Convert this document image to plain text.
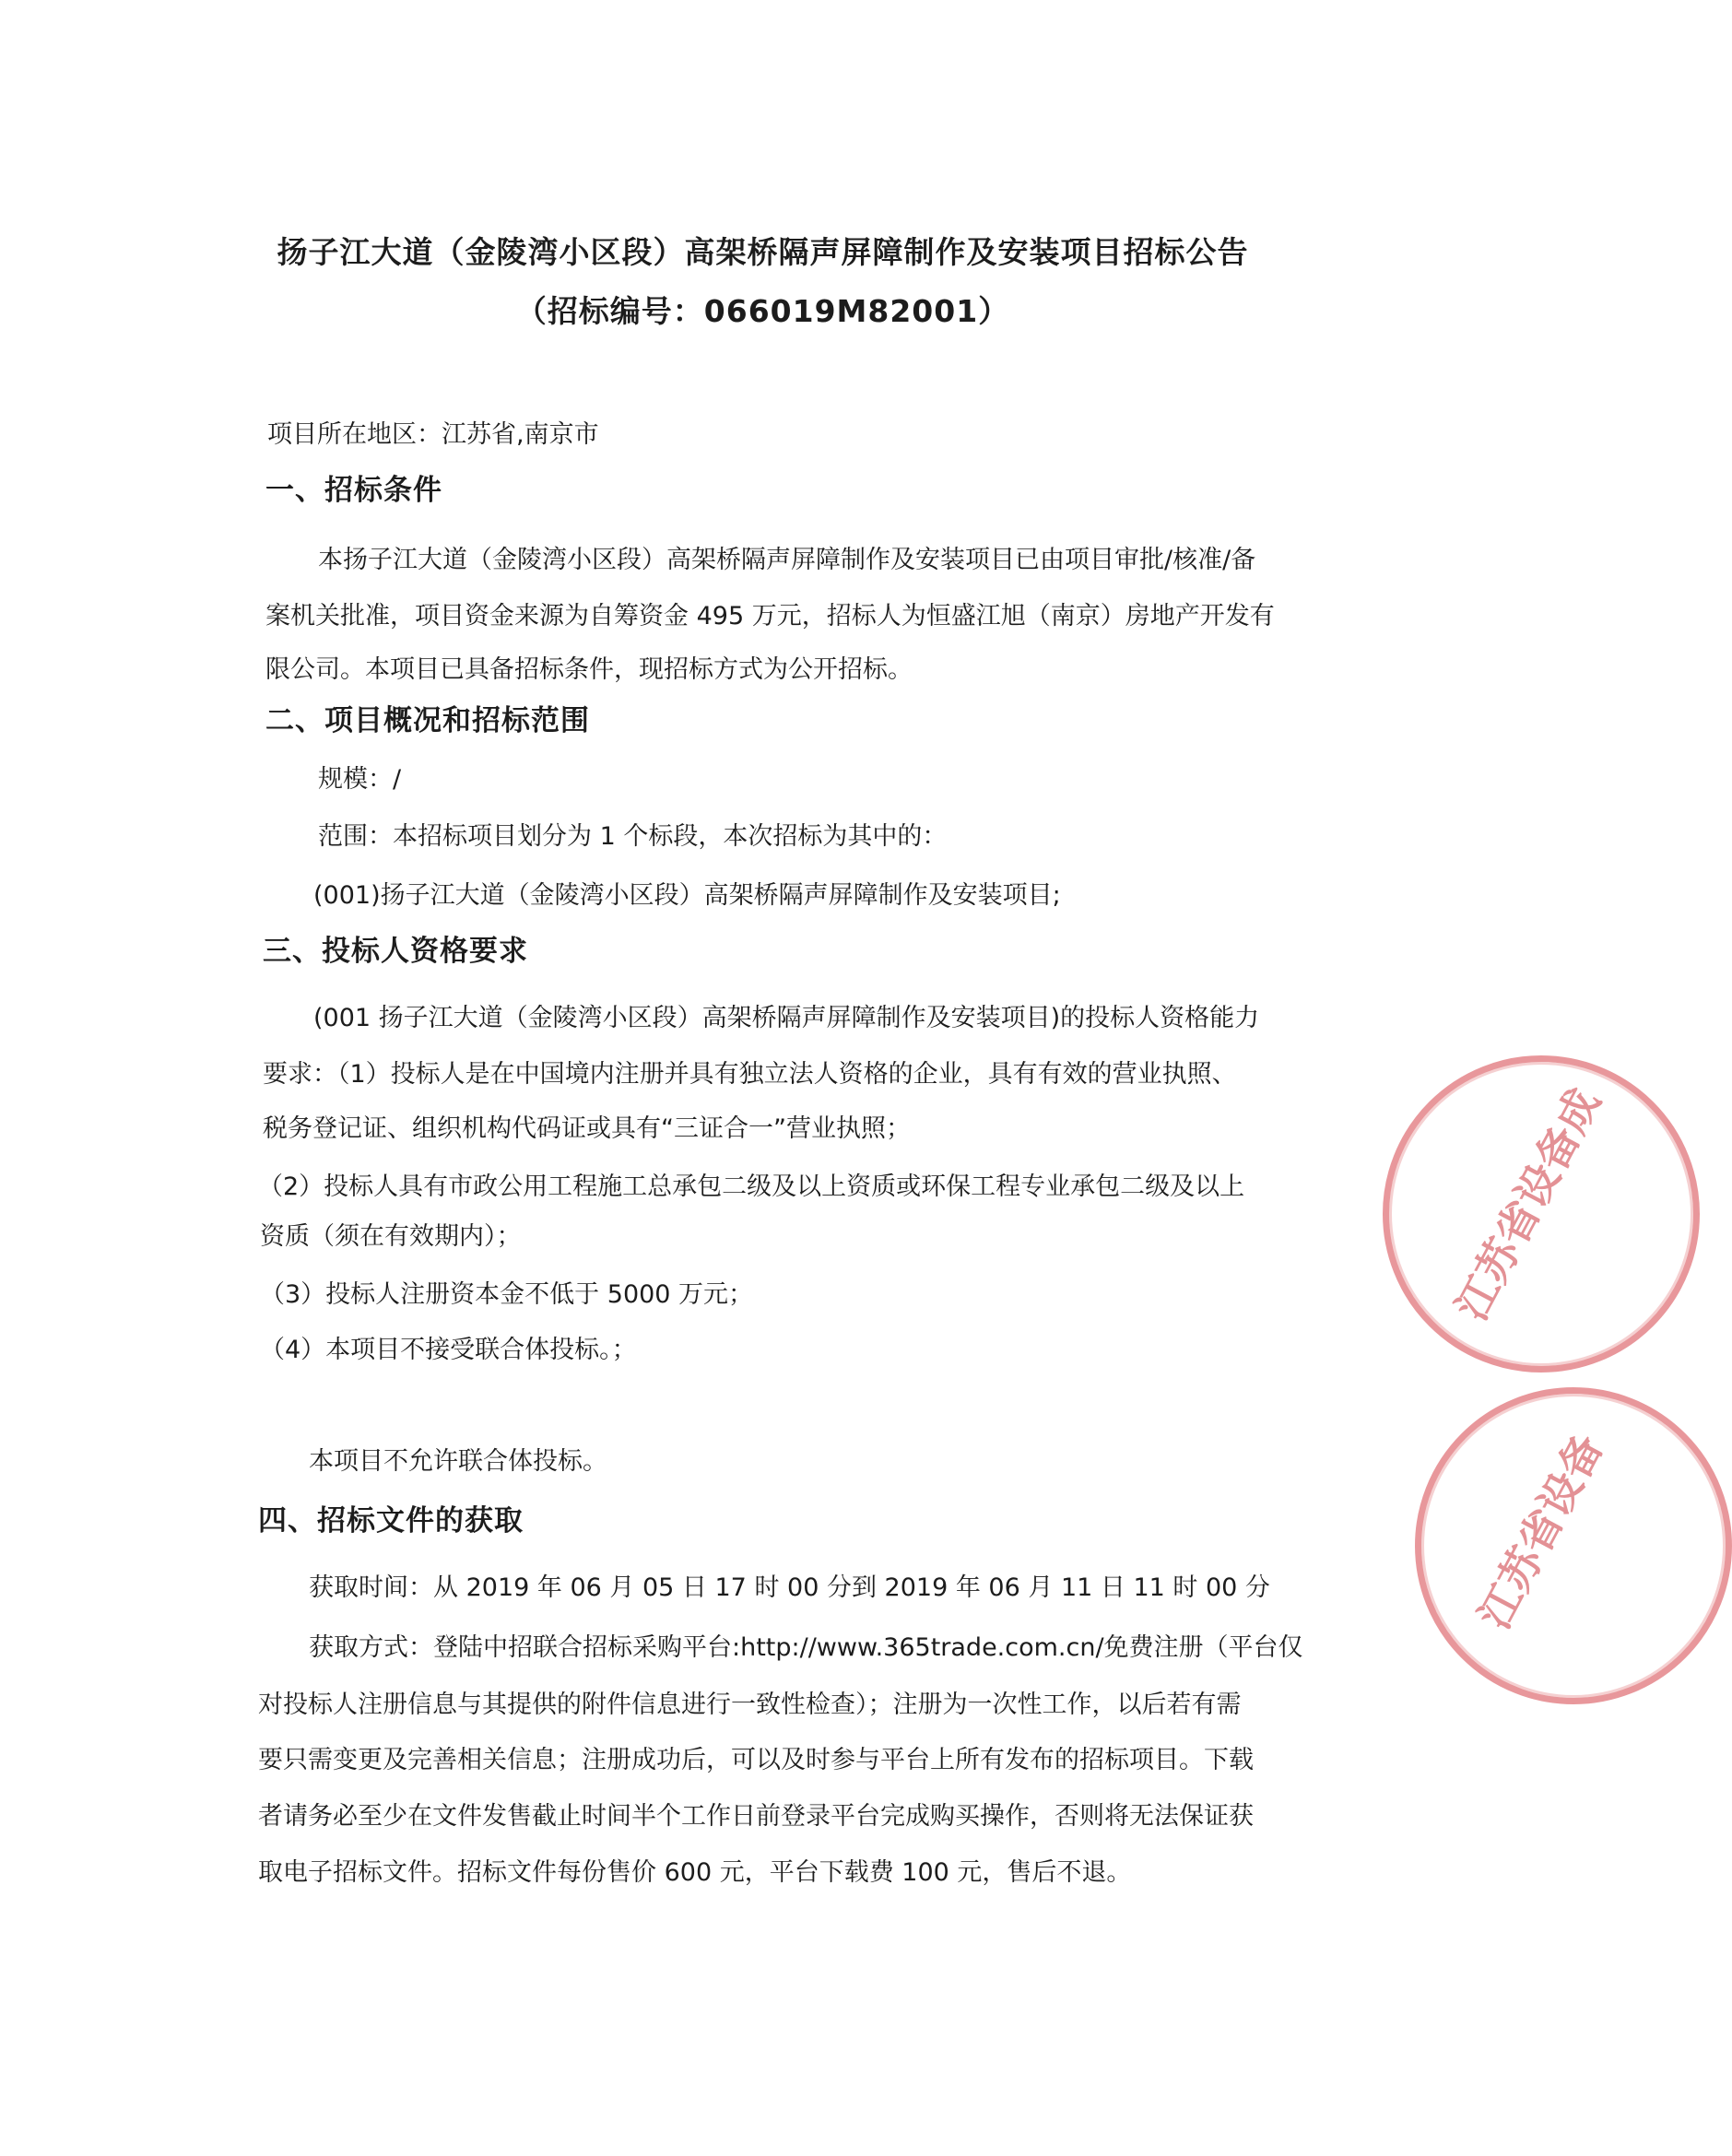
扬子江大道（金陵湾小区段）高架桥隔声屏障制作及安装项目招标公告
（招标编号：066019M82001）

项目所在地区：江苏省,南京市

一、招标条件

本扬子江大道（金陵湾小区段）高架桥隔声屏障制作及安装项目已由项目审批/核准/备

案机关批准，项目资金来源为自筹资金 495 万元，招标人为恒盛江旭（南京）房地产开发有

限公司。本项目已具备招标条件，现招标方式为公开招标。

二、项目概况和招标范围

规模：/

范围：本招标项目划分为 1 个标段，本次招标为其中的：

(001)扬子江大道（金陵湾小区段）高架桥隔声屏障制作及安装项目;

三、投标人资格要求

(001 扬子江大道（金陵湾小区段）高架桥隔声屏障制作及安装项目)的投标人资格能力

要求：（1）投标人是在中国境内注册并具有独立法人资格的企业，具有有效的营业执照、

税务登记证、组织机构代码证或具有“三证合一”营业执照；

（2）投标人具有市政公用工程施工总承包二级及以上资质或环保工程专业承包二级及以上

资质（须在有效期内）；

（3）投标人注册资本金不低于 5000 万元；

（4）本项目不接受联合体投标。；

本项目不允许联合体投标。

四、招标文件的获取

获取时间：从 2019 年 06 月 05 日 17 时 00 分到 2019 年 06 月 11 日 11 时 00 分

获取方式：登陆中招联合招标采购平台:http://www.365trade.com.cn/免费注册（平台仅

对投标人注册信息与其提供的附件信息进行一致性检查）；注册为一次性工作，以后若有需

要只需变更及完善相关信息；注册成功后，可以及时参与平台上所有发布的招标项目。下载

者请务必至少在文件发售截止时间半个工作日前登录平台完成购买操作，否则将无法保证获

取电子招标文件。招标文件每份售价 600 元，平台下载费 100 元，售后不退。

江苏省设备成
江苏省设备
